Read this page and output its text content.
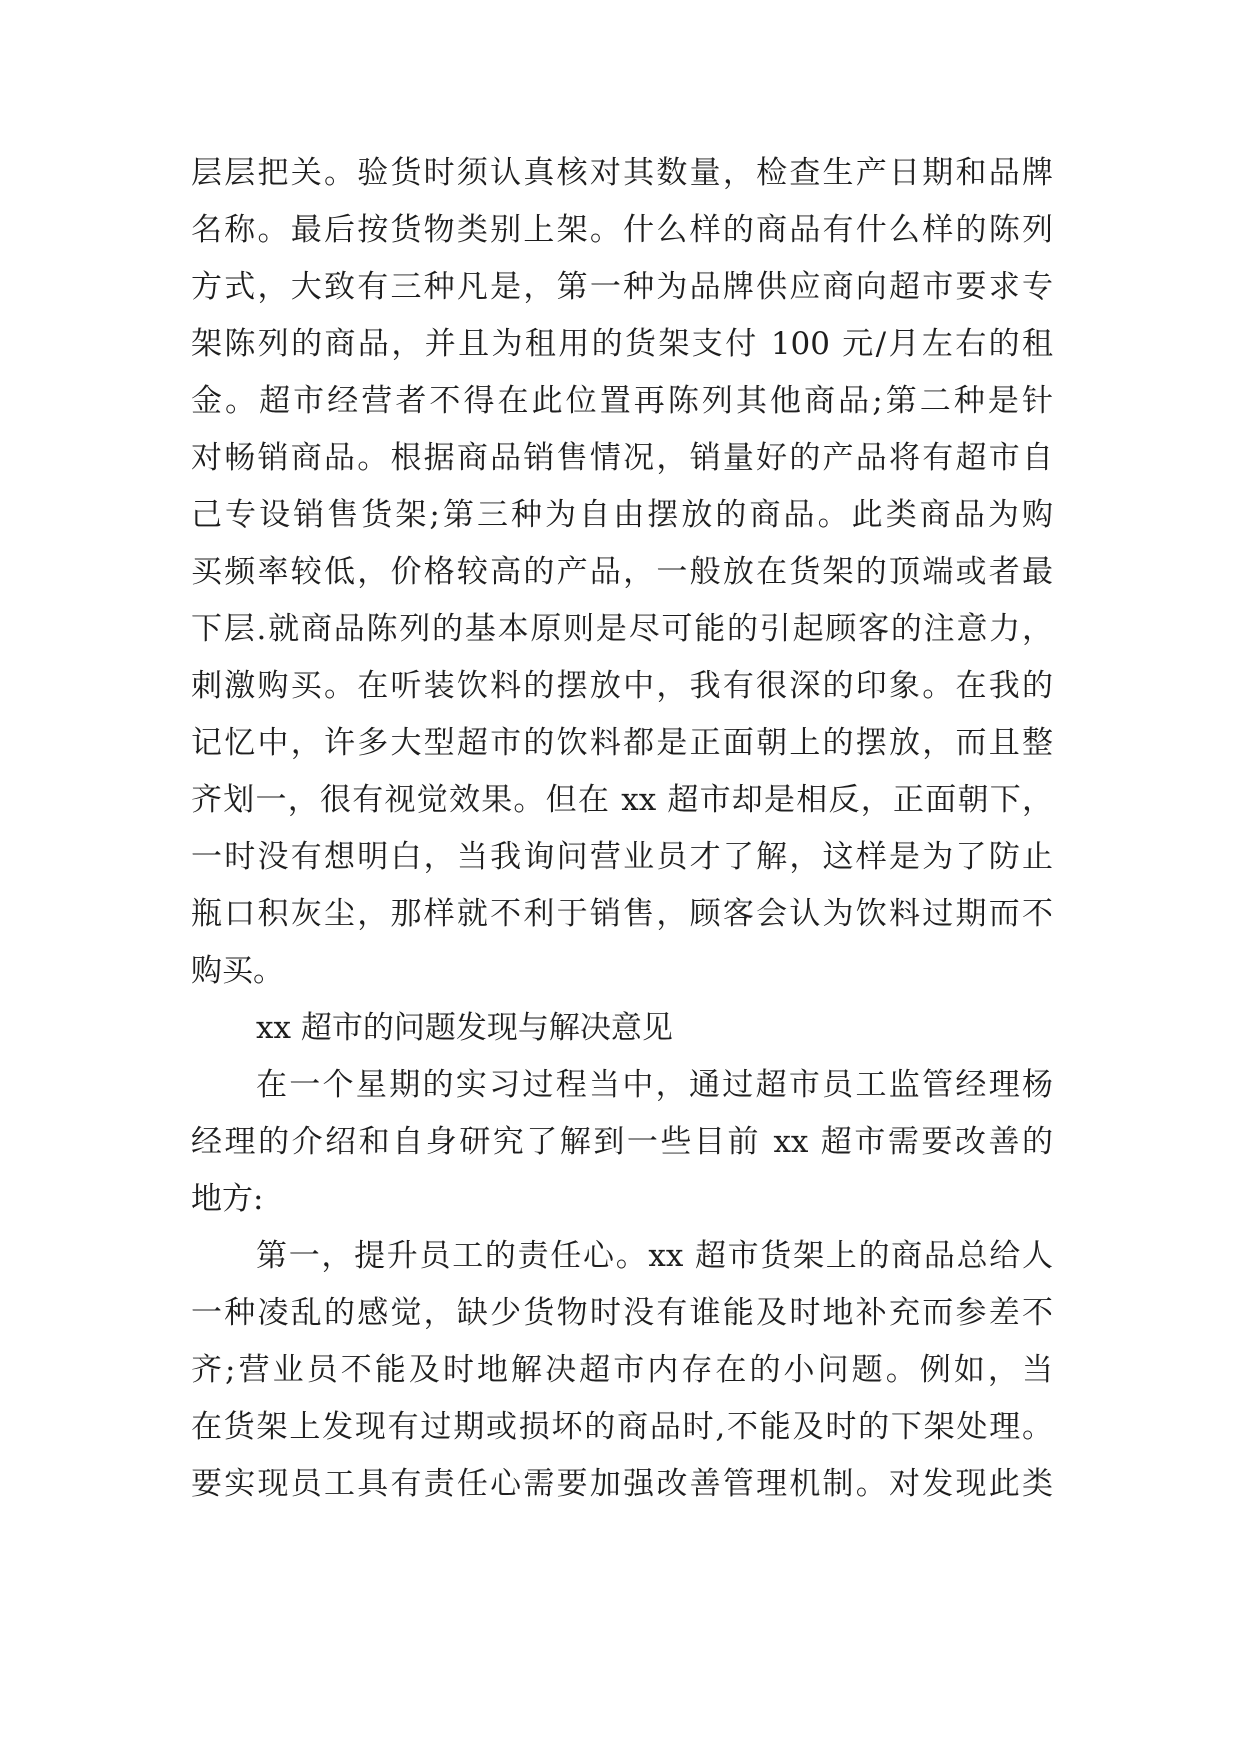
层层把关。验货时须认真核对其数量，检查生产日期和品牌
名称。最后按货物类别上架。什么样的商品有什么样的陈列
方式，大致有三种凡是，第一种为品牌供应商向超市要求专
架陈列的商品，并且为租用的货架支付 100 元/月左右的租
金。超市经营者不得在此位置再陈列其他商品;第二种是针
对畅销商品。根据商品销售情况，销量好的产品将有超市自
己专设销售货架;第三种为自由摆放的商品。此类商品为购
买频率较低，价格较高的产品，一般放在货架的顶端或者最
下层.就商品陈列的基本原则是尽可能的引起顾客的注意力，
刺激购买。在听装饮料的摆放中，我有很深的印象。在我的
记忆中，许多大型超市的饮料都是正面朝上的摆放，而且整
齐划一，很有视觉效果。但在 xx 超市却是相反，正面朝下，
一时没有想明白，当我询问营业员才了解，这样是为了防止
瓶口积灰尘，那样就不利于销售，顾客会认为饮料过期而不
购买。
xx 超市的问题发现与解决意见
在一个星期的实习过程当中，通过超市员工监管经理杨
经理的介绍和自身研究了解到一些目前 xx 超市需要改善的
地方:
第一，提升员工的责任心。xx 超市货架上的商品总给人
一种凌乱的感觉，缺少货物时没有谁能及时地补充而参差不
齐;营业员不能及时地解决超市内存在的小问题。例如，当
在货架上发现有过期或损坏的商品时,不能及时的下架处理。
要实现员工具有责任心需要加强改善管理机制。对发现此类
